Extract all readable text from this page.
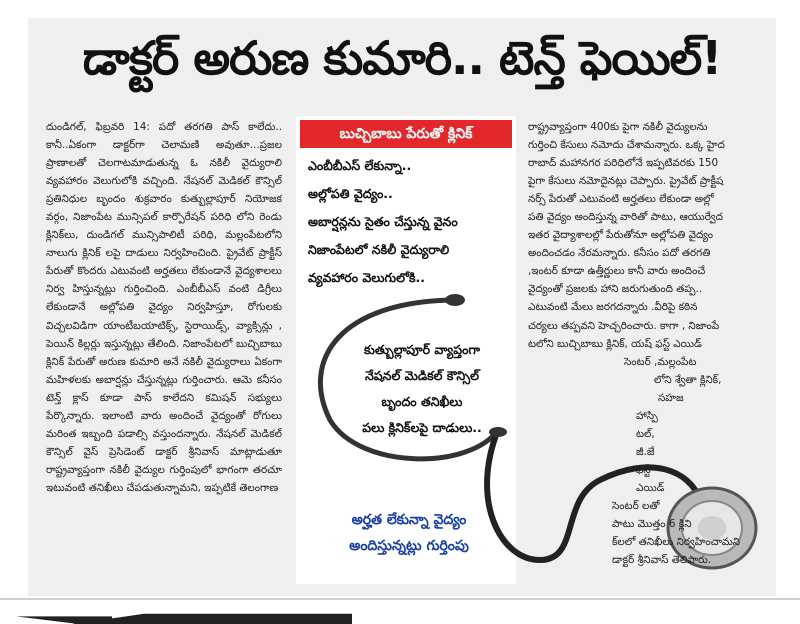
డాక్టర్ అరుణ కుమారి.. టెన్త్ ఫెయిల్!

దుండిగల్, ఫిబ్రవరి 14: పదో తరగతి పాస్ కాలేదు.. కానీ..ఏకంగా డాక్టర్‌గా చెలామణి అవుతూ...ప్రజల ప్రాణాలతో చెలగాటమాడుతున్న ఓ నకిలీ వైద్యురాలి వ్యవహారం వెలుగులోకి వచ్చింది. నేషనల్ మెడికల్ కౌన్సిల్ ప్రతినిధుల బృందం శుక్రవారం కుత్బుల్లాపూర్ నియోజక వర్గం, నిజాంపేట మున్సిపల్ కార్పొరేషన్ పరిధి లోని రెండు క్లినిక్‌లు, దుండిగల్ మున్సిపాలిటీ పరిధి, మల్లంపేటలోని నాలుగు క్లినిక్ లపై దాడులు నిర్వహించింది. ప్రైవేట్ ప్రాక్టీస్ పేరుతో కొందరు ఎటువంటి అర్హతలు లేకుండానే వైద్యశాలలు నిర్వ హిస్తున్నట్లు గుర్తించింది. ఎంబీబీఎస్ వంటి డిగ్రీలు లేకుండానే అల్లోపతి వైద్యం నిర్వహిస్తూ, రోగులకు విచ్చలవిడిగా యాంటీబయాటిక్స్, స్టెరాయిడ్స్, వ్యాక్సిన్లు , పెయిన్ కిల్లర్లు ఇస్తున్నట్లు తేలింది. నిజాంపేటలో బుచ్చిబాబు క్లినిక్ పేరుతో అరుణ కుమారి అనే నకిలీ వైద్యురాలు ఏకంగా మహిళలకు అబార్షన్లు చేస్తున్నట్లు గుర్తించారు. ఆమె కనీసం టెన్త్ క్లాస్ కూడా పాస్ కాలేదని కమిషన్ సభ్యులు పేర్కొన్నారు. ఇలాంటి వారు అందించే వైద్యంతో రోగులు మరింత ఇబ్బంది పడాల్సి వస్తుందన్నారు. నేషనల్ మెడికల్ కౌన్సిల్ వైస్ ప్రెసిడెంట్ డాక్టర్ శ్రీనివాస్ మాట్లాడుతూ రాష్ట్రవ్యాప్తంగా నకిలీ వైద్యుల గుర్తింపులో భాగంగా తరచూ ఇటువంటి తనిఖీలు చేపడుతున్నామని, ఇప్పటికే తెలంగాణ

బుచ్చిబాబు పేరుతో క్లినిక్
ఎంబీబీఎస్ లేకున్నా..
అల్లోపతి వైద్యం..
అబార్షన్లను సైతం చేస్తున్న వైనం
నిజాంపేటలో నకిలీ వైద్యురాలి
వ్యవహారం వెలుగులోకి..
కుత్బుల్లాపూర్ వ్యాప్తంగా
నేషనల్ మెడికల్ కౌన్సిల్
బృందం తనిఖీలు
పలు క్లినిక్‌లపై దాడులు..
అర్హత లేకున్నా వైద్యం
అందిస్తున్నట్లు గుర్తింపు
రాష్ట్రవ్యాప్తంగా 400కు పైగా నకిలీ వైద్యులను
గుర్తించి కేసులు నమోదు చేశామన్నారు. ఒక్క హైద
రాబాద్ మహానగర పరిధిలోనే ఇప్పటివరకు 150
పైగా కేసులు నమోదైనట్లు చెప్పారు. ప్రైవేట్ ప్రాక్టీష
నర్స్ పేరుతో ఎటువంటి అర్హతలు లేకుండా అల్లో
పతి వైద్యం అందిస్తున్న వారితో పాటు, ఆయుర్వేద
ఇతర వైద్యాశాలల్లో పేరుతోనూ అల్లోపతి వైద్యం
అందించడం నేరమన్నారు. కనీసం పదో తరగతి
,ఇంటర్ కూడా ఉత్తీర్ణులు కానీ వారు అందించే
వైద్యంతో ప్రజలకు హాని జరుగుతుంది తప్ప..
ఎటువంటి మేలు జరగదన్నారు .వీరిపై కఠిన
చర్యలు తప్పవని హెచ్చరించారు. కాగా , నిజాంపే
టలోని బుచ్చిబాబు క్లినిక్, యష్ ఫస్ట్ ఎయిడ్
సెంటర్ ,మల్లంపేట
లోని శ్వేతా క్లినిక్,
సహజ
హాస్పి
టల్,
జీ.జే
ఫస్ట్
ఎయిడ్
సెంటర్ లతో
పాటు మొత్తం 6 క్లిని
క్‌లలో తనిఖీలు నిర్వహించామని
డాక్టర్ శ్రీనివాస్ తెలిపారు.
